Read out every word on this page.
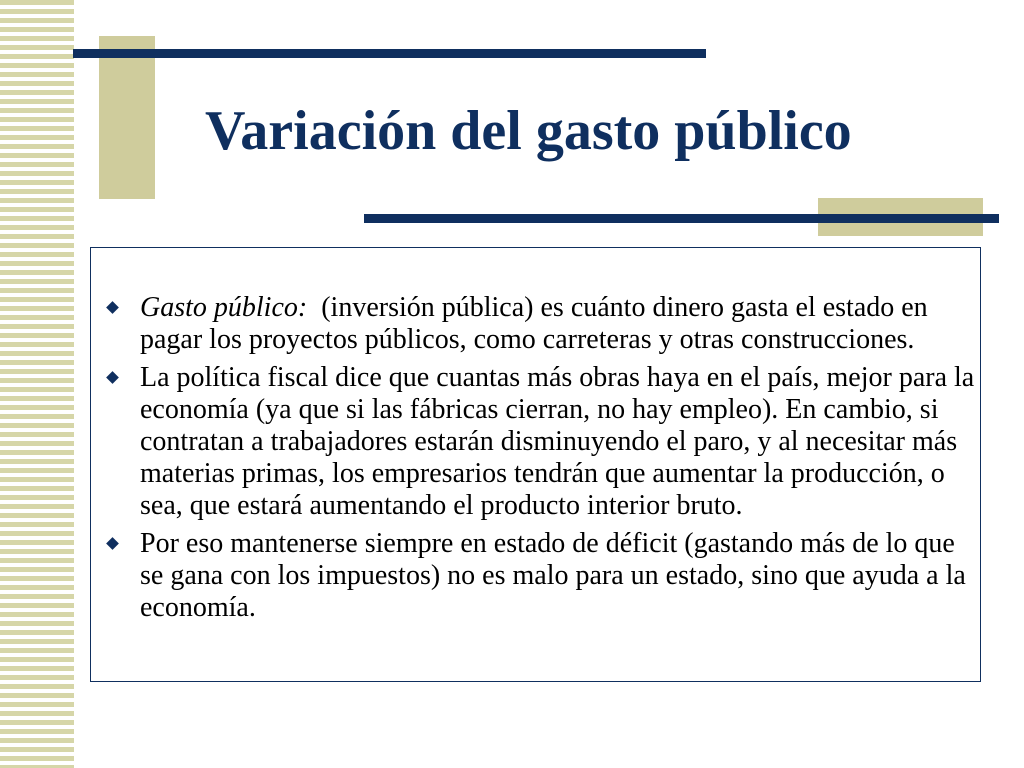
Variación del gasto público
Gasto público:  (inversión pública) es cuánto dinero gasta el estado en pagar los proyectos públicos, como carreteras y otras construcciones.
La política fiscal dice que cuantas más obras haya en el país, mejor para la economía (ya que si las fábricas cierran, no hay empleo). En cambio, si contratan a trabajadores estarán disminuyendo el paro, y al necesitar más materias primas, los empresarios tendrán que aumentar la producción, o sea, que estará aumentando el producto interior bruto.
Por eso mantenerse siempre en estado de déficit (gastando más de lo que se gana con los impuestos) no es malo para un estado, sino que ayuda a la economía.
